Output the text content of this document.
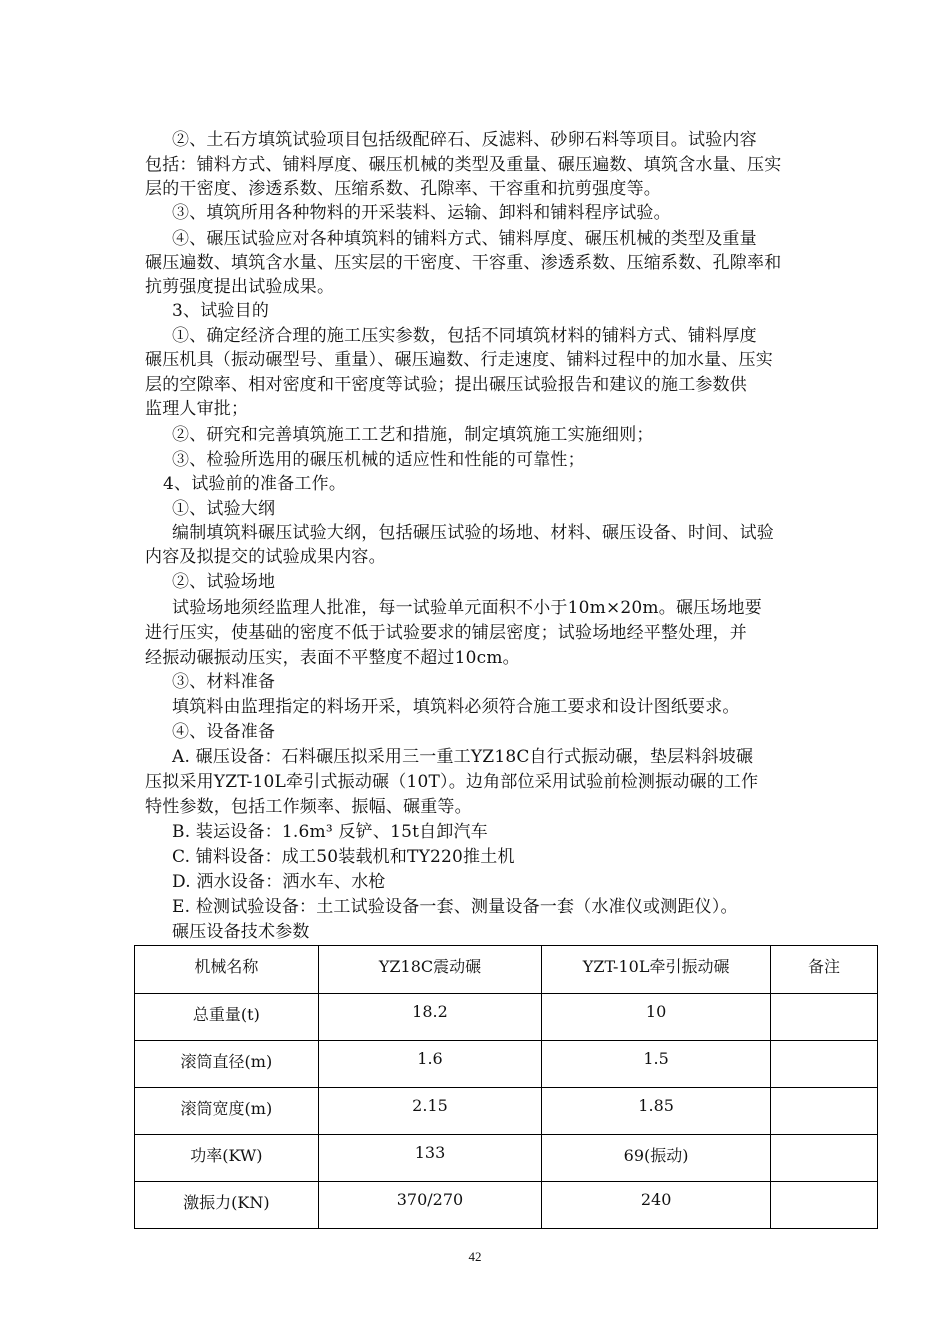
②、土石方填筑试验项目包括级配碎石、反滤料、砂卵石料等项目。试验内容
包括：铺料方式、铺料厚度、碾压机械的类型及重量、碾压遍数、填筑含水量、压实
层的干密度、渗透系数、压缩系数、孔隙率、干容重和抗剪强度等。
③、填筑所用各种物料的开采装料、运输、卸料和铺料程序试验。
④、碾压试验应对各种填筑料的铺料方式、铺料厚度、碾压机械的类型及重量
碾压遍数、填筑含水量、压实层的干密度、干容重、渗透系数、压缩系数、孔隙率和
抗剪强度提出试验成果。
3、试验目的
①、确定经济合理的施工压实参数，包括不同填筑材料的铺料方式、铺料厚度
碾压机具（振动碾型号、重量）、碾压遍数、行走速度、铺料过程中的加水量、压实
层的空隙率、相对密度和干密度等试验；提出碾压试验报告和建议的施工参数供
监理人审批；
②、研究和完善填筑施工工艺和措施，制定填筑施工实施细则；
③、检验所选用的碾压机械的适应性和性能的可靠性；
4、试验前的准备工作。
①、试验大纲
编制填筑料碾压试验大纲，包括碾压试验的场地、材料、碾压设备、时间、试验
内容及拟提交的试验成果内容。
②、试验场地
试验场地须经监理人批准，每一试验单元面积不小于10m×20m。碾压场地要
进行压实，使基础的密度不低于试验要求的铺层密度；试验场地经平整处理，并
经振动碾振动压实，表面不平整度不超过10cm。
③、材料准备
填筑料由监理指定的料场开采，填筑料必须符合施工要求和设计图纸要求。
④、设备准备
A. 碾压设备：石料碾压拟采用三一重工YZ18C自行式振动碾，垫层料斜坡碾
压拟采用YZT-10L牵引式振动碾（10T）。边角部位采用试验前检测振动碾的工作
特性参数，包括工作频率、振幅、碾重等。
B. 装运设备：1.6m³ 反铲、15t自卸汽车
C. 铺料设备：成工50装载机和TY220推土机
D. 洒水设备：洒水车、水枪
E. 检测试验设备：土工试验设备一套、测量设备一套（水准仪或测距仪）。
碾压设备技术参数
机械名称	YZ18C震动碾	YZT-10L牵引振动碾	备注
总重量(t)	18.2	10	
滚筒直径(m)	1.6	1.5	
滚筒宽度(m)	2.15	1.85	
功率(KW)	133	69(振动)	
激振力(KN)	370/270	240	
42
